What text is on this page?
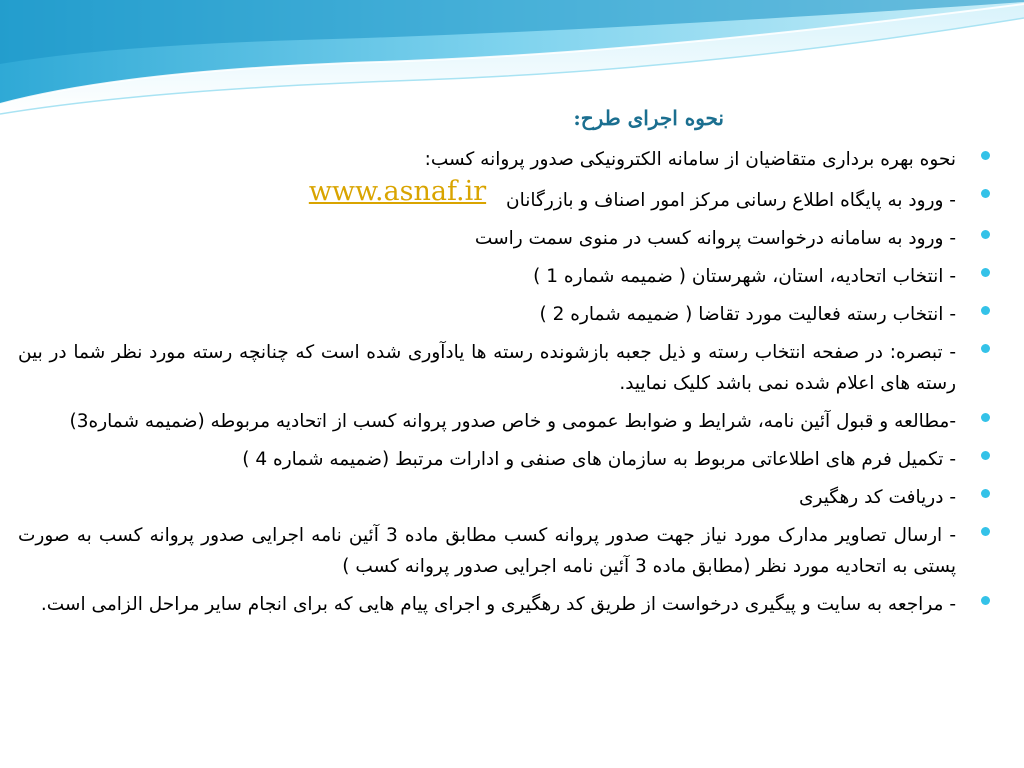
نحوه اجرای طرح:
نحوه بهره برداری متقاضیان از سامانه الکترونیکی صدور پروانه کسب:
- ورود به پایگاه اطلاع رسانی مرکز امور اصناف و بازرگانان www.asnaf.ir
- ورود به سامانه درخواست پروانه کسب در منوی سمت راست
- انتخاب اتحادیه، استان، شهرستان ( ضمیمه شماره 1 )
- انتخاب رسته فعالیت مورد تقاضا ( ضمیمه شماره 2 )
- تبصره: در صفحه انتخاب رسته و ذیل جعبه بازشونده رسته ها یادآوری شده است که چنانچه رسته مورد نظر شما در بین رسته های اعلام شده نمی باشد کلیک نمایید.
-مطالعه و قبول آئین نامه، شرایط و ضوابط عمومی و خاص صدور پروانه کسب از اتحادیه مربوطه (ضمیمه شماره3)
- تکمیل فرم های اطلاعاتی مربوط به سازمان های صنفی و ادارات مرتبط (ضمیمه شماره 4 )
- دریافت کد رهگیری
- ارسال تصاویر مدارک مورد نیاز جهت صدور پروانه کسب مطابق ماده 3 آئین نامه اجرایی صدور پروانه کسب به صورت پستی به اتحادیه مورد نظر (مطابق ماده 3 آئین نامه اجرایی صدور پروانه کسب )
- مراجعه به سایت و پیگیری درخواست از طریق کد رهگیری و اجرای پیام هایی که برای انجام سایر مراحل الزامی است.
